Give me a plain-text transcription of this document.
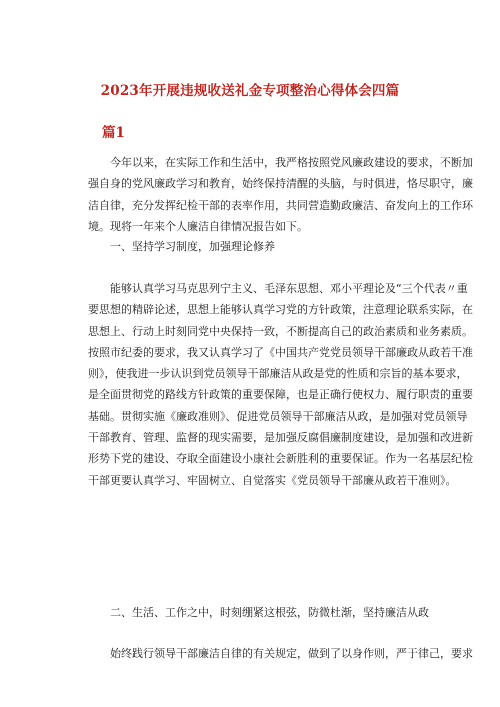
2023年开展违规收送礼金专项整治心得体会四篇
篇1
今年以来，在实际工作和生活中，我严格按照党风廉政建设的要求，不断加
强自身的党风廉政学习和教育，始终保持清醒的头脑，与时俱进，恪尽职守，廉
洁自律，充分发挥纪检干部的表率作用，共同营造勤政廉洁、奋发向上的工作环
境。现将一年来个人廉洁自律情况报告如下。
一、坚持学习制度，加强理论修养
能够认真学习马克思列宁主义、毛泽东思想、邓小平理论及“三个代表〃重
要思想的精辟论述，思想上能够认真学习党的方针政策，注意理论联系实际，在
思想上、行动上时刻同党中央保持一致，不断提高自己的政治素质和业务素质。
按照市纪委的要求，我又认真学习了《中国共产党党员领导干部廉政从政若干准
则》，使我进一步认识到党员领导干部廉洁从政是党的性质和宗旨的基本要求，
是全面贯彻党的路线方针政策的重要保障，也是正确行使权力、履行职责的重要
基础。贯彻实施《廉政准则》、促进党员领导干部廉洁从政，是加强对党员领导
干部教育、管理、监督的现实需要，是加强反腐倡廉制度建设，是加强和改进新
形势下党的建设、夺取全面建设小康社会新胜利的重要保证。作为一名基层纪检
干部更要认真学习、牢固树立、自觉落实《党员领导干部廉从政若干准则》。
二、生活、工作之中，时刻绷紧这根弦，防微杜渐，坚持廉洁从政
始终践行领导干部廉洁自律的有关规定，做到了以身作则，严于律己，要求
